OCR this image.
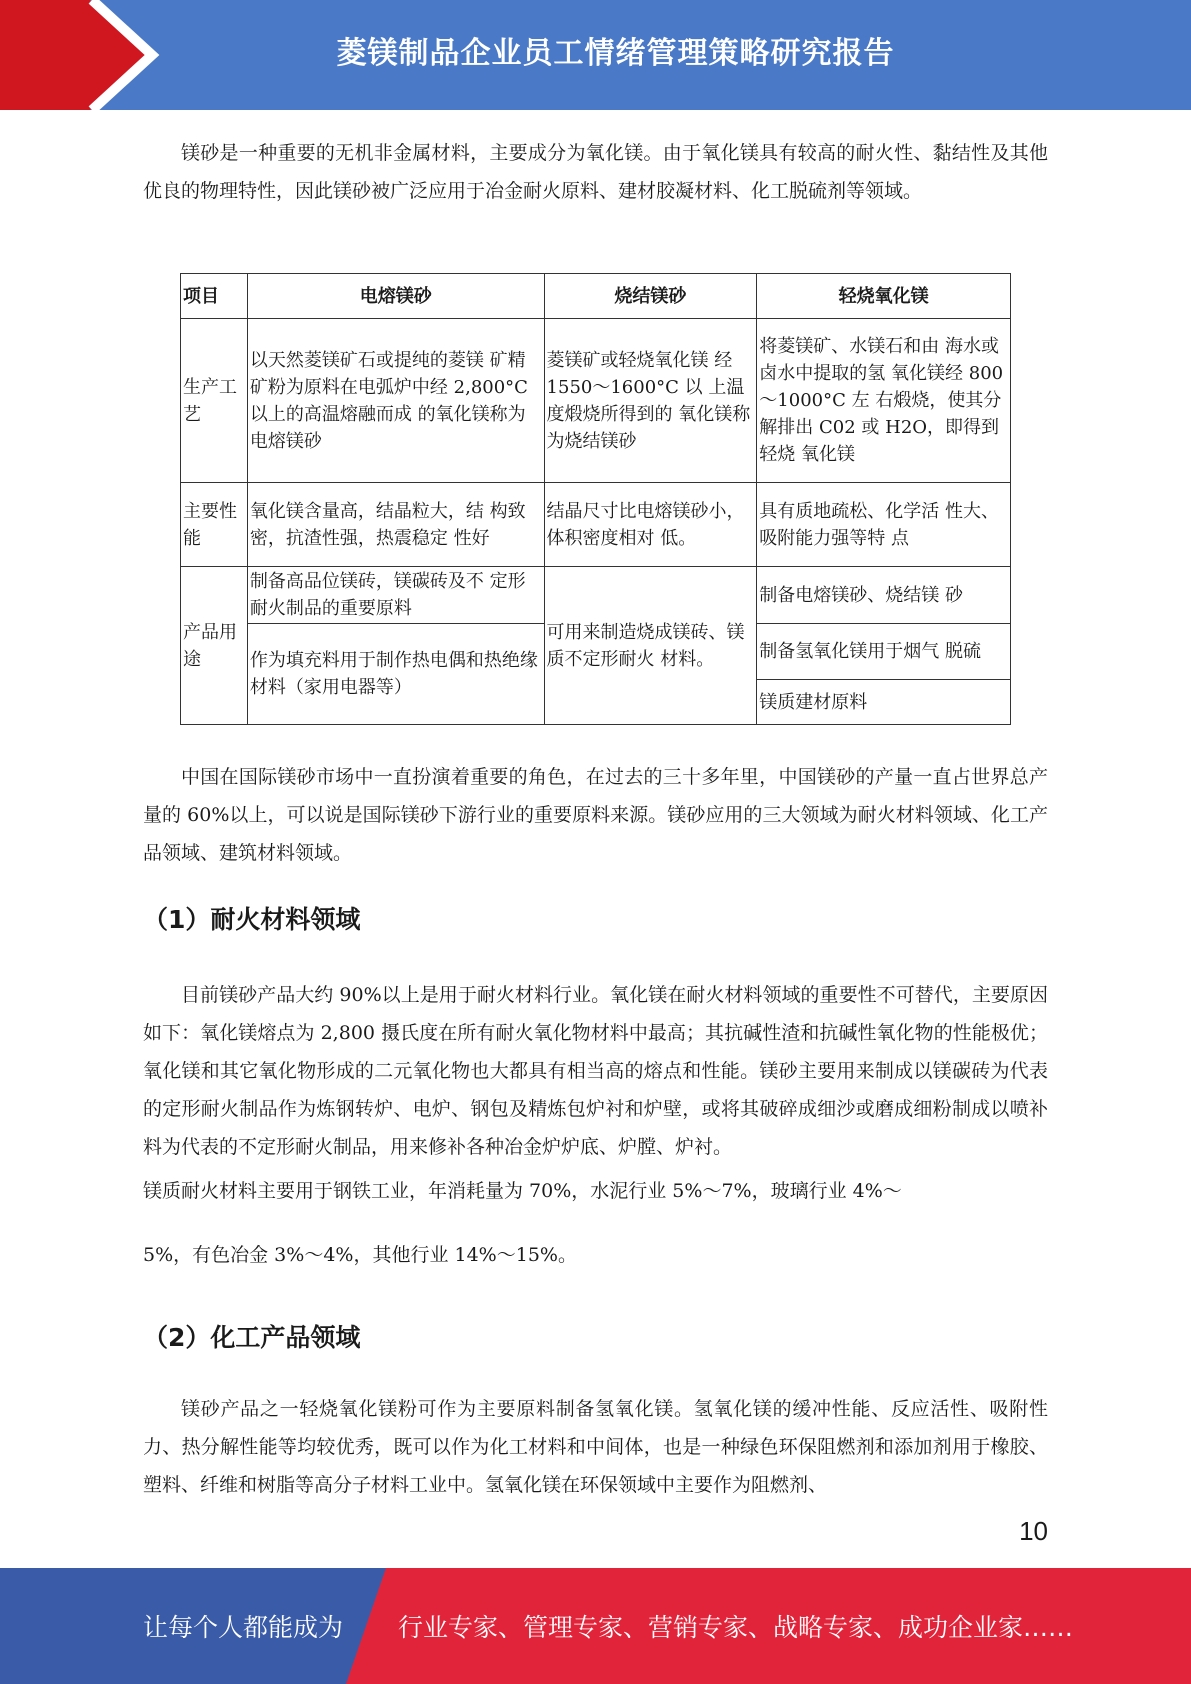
菱镁制品企业员工情绪管理策略研究报告
镁砂是一种重要的无机非金属材料，主要成分为氧化镁。由于氧化镁具有较高的耐火性、黏结性及其他优良的物理特性，因此镁砂被广泛应用于冶金耐火原料、建材胶凝材料、化工脱硫剂等领域。
项目	电熔镁砂	烧结镁砂	轻烧氧化镁
生产工艺	以天然菱镁矿石或提纯的菱镁 矿精矿粉为原料在电弧炉中经 2,800°C 以上的高温熔融而成 的氧化镁称为电熔镁砂	菱镁矿或轻烧氧化镁 经 1550～1600°C 以 上温度煅烧所得到的 氧化镁称为烧结镁砂	将菱镁矿、水镁石和由 海水或卤水中提取的氢 氧化镁经 800～1000°C 左 右煅烧，使其分解排出 C02 或 H2O，即得到轻烧 氧化镁
主要性能	氧化镁含量高，结晶粒大，结 构致密，抗渣性强，热震稳定 性好	结晶尺寸比电熔镁砂小，体积密度相对 低。	具有质地疏松、化学活 性大、吸附能力强等特 点
产品用途	制备高品位镁砖，镁碳砖及不 定形耐火制品的重要原料	可用来制造烧成镁砖、镁质不定形耐火 材料。	制备电熔镁砂、烧结镁 砂
	作为填充料用于制作热电偶和热绝缘材料（家用电器等）		制备氢氧化镁用于烟气 脱硫
			镁质建材原料
中国在国际镁砂市场中一直扮演着重要的角色，在过去的三十多年里，中国镁砂的产量一直占世界总产量的 60%以上，可以说是国际镁砂下游行业的重要原料来源。镁砂应用的三大领域为耐火材料领域、化工产品领域、建筑材料领域。
（1）耐火材料领域
目前镁砂产品大约 90%以上是用于耐火材料行业。氧化镁在耐火材料领域的重要性不可替代，主要原因如下：氧化镁熔点为 2,800 摄氏度在所有耐火氧化物材料中最高；其抗碱性渣和抗碱性氧化物的性能极优；氧化镁和其它氧化物形成的二元氧化物也大都具有相当高的熔点和性能。镁砂主要用来制成以镁碳砖为代表的定形耐火制品作为炼钢转炉、电炉、钢包及精炼包炉衬和炉壁，或将其破碎成细沙或磨成细粉制成以喷补料为代表的不定形耐火制品，用来修补各种冶金炉炉底、炉膛、炉衬。
镁质耐火材料主要用于钢铁工业，年消耗量为 70%，水泥行业 5%～7%，玻璃行业 4%～
5%，有色冶金 3%～4%，其他行业 14%～15%。
（2）化工产品领域
镁砂产品之一轻烧氧化镁粉可作为主要原料制备氢氧化镁。氢氧化镁的缓冲性能、反应活性、吸附性力、热分解性能等均较优秀，既可以作为化工材料和中间体，也是一种绿色环保阻燃剂和添加剂用于橡胶、塑料、纤维和树脂等高分子材料工业中。氢氧化镁在环保领域中主要作为阻燃剂、
10
让每个人都能成为 行业专家、管理专家、营销专家、战略专家、成功企业家……
